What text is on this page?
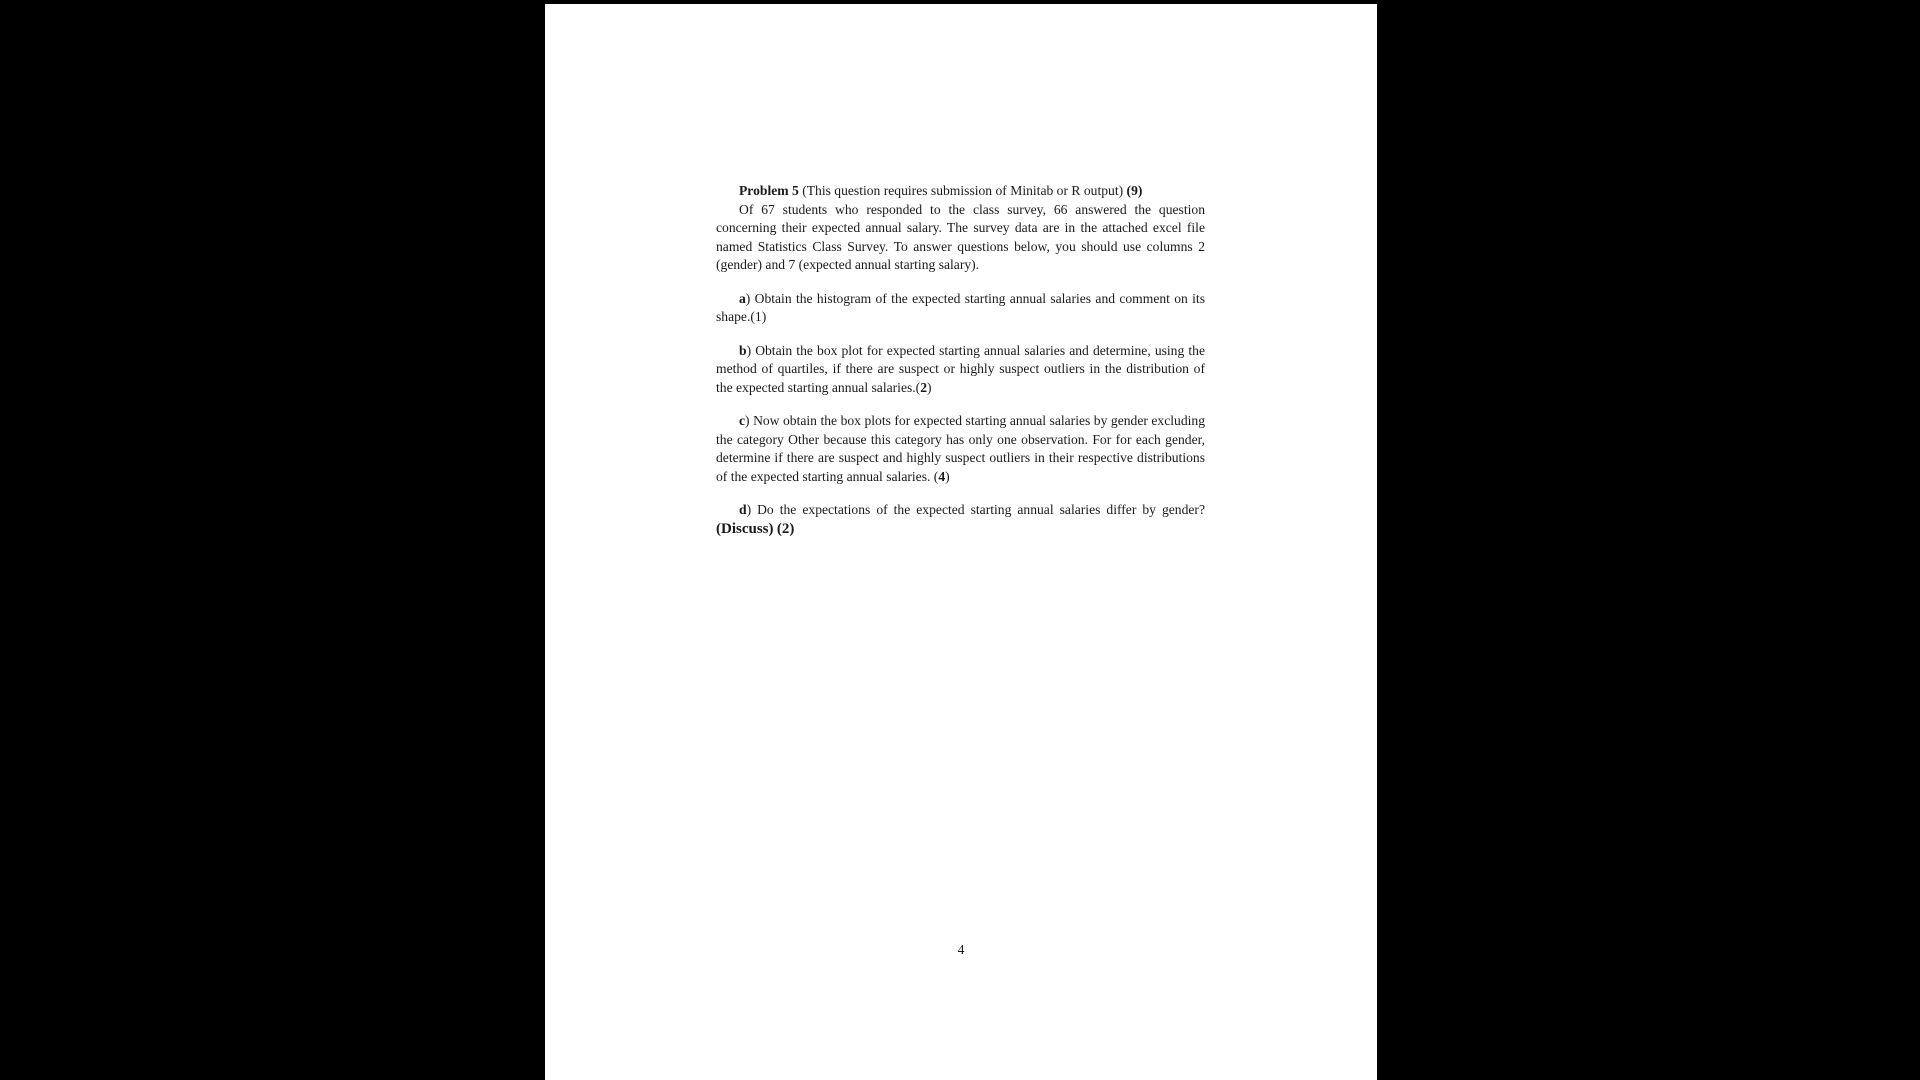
Problem 5 (This question requires submission of Minitab or R output) (9)

Of 67 students who responded to the class survey, 66 answered the question concerning their expected annual salary. The survey data are in the attached excel file named Statistics Class Survey. To answer questions below, you should use columns 2 (gender) and 7 (expected annual starting salary).

a) Obtain the histogram of the expected starting annual salaries and comment on its shape.(1)

b) Obtain the box plot for expected starting annual salaries and determine, using the method of quartiles, if there are suspect or highly suspect outliers in the distribution of the expected starting annual salaries.(2)

c) Now obtain the box plots for expected starting annual salaries by gender excluding the category Other because this category has only one observation. For for each gender, determine if there are suspect and highly suspect outliers in their respective distributions of the expected starting annual salaries. (4)

d) Do the expectations of the expected starting annual salaries differ by gender? (Discuss) (2)

4
